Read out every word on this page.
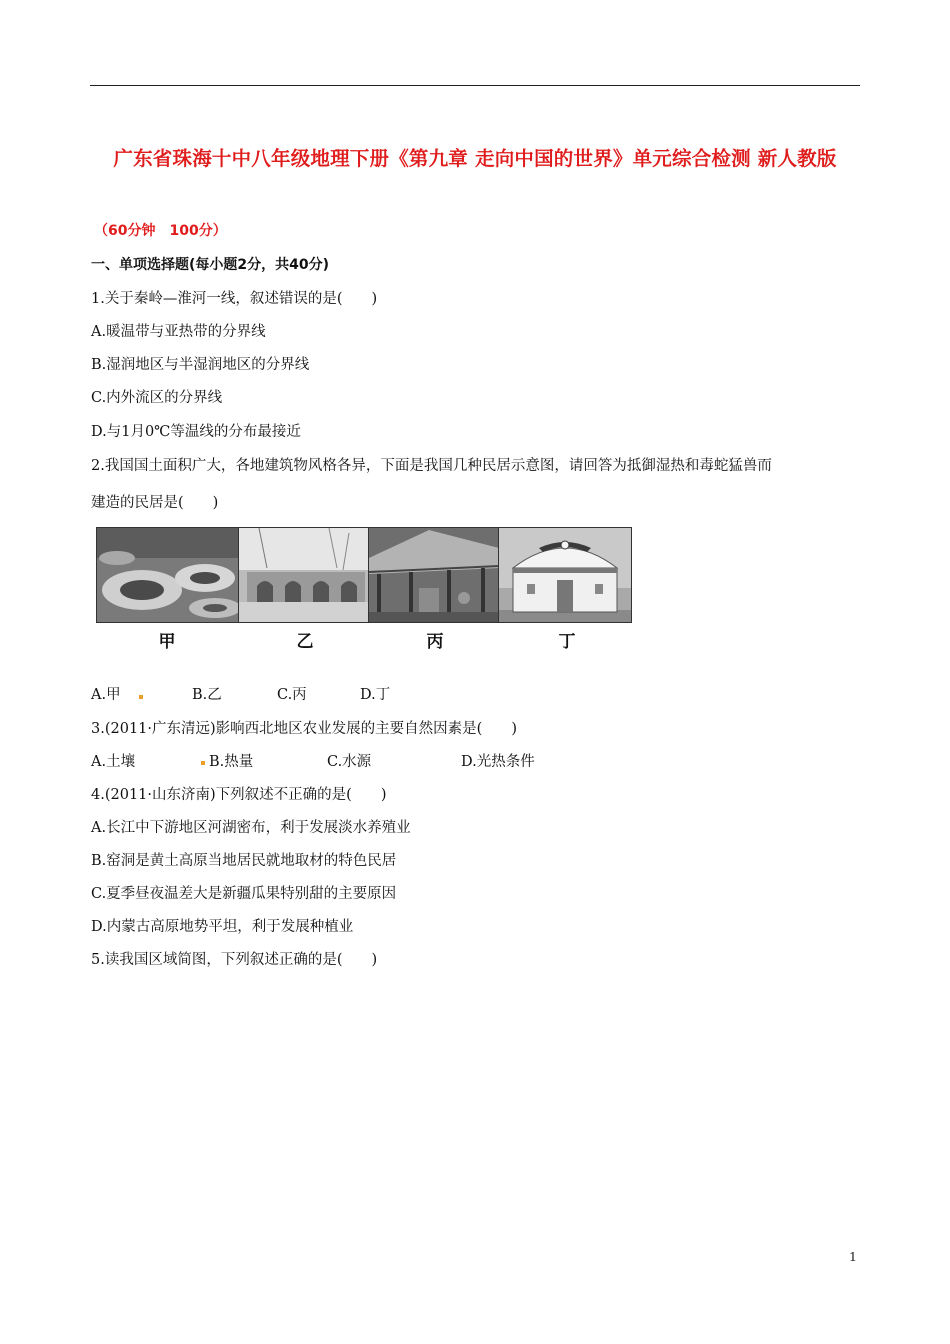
广东省珠海十中八年级地理下册《第九章 走向中国的世界》单元综合检测 新人教版
（60分钟　100分）
一、单项选择题(每小题2分，共40分)
1.关于秦岭—淮河一线，叙述错误的是(　　)
A.暖温带与亚热带的分界线
B.湿润地区与半湿润地区的分界线
C.内外流区的分界线
D.与1月0℃等温线的分布最接近
2.我国国土面积广大，各地建筑物风格各异，下面是我国几种民居示意图，请回答为抵御湿热和毒蛇猛兽而
建造的民居是(　　)
甲	乙	丙	丁
A.甲	B.乙	C.丙	D.丁
3.(2011·广东清远)影响西北地区农业发展的主要自然因素是(　　)
A.土壤	B.热量	C.水源	D.光热条件
4.(2011·山东济南)下列叙述不正确的是(　　)
A.长江中下游地区河湖密布，利于发展淡水养殖业
B.窑洞是黄土高原当地居民就地取材的特色民居
C.夏季昼夜温差大是新疆瓜果特别甜的主要原因
D.内蒙古高原地势平坦，利于发展种植业
5.读我国区域简图，下列叙述正确的是(　　)
1
